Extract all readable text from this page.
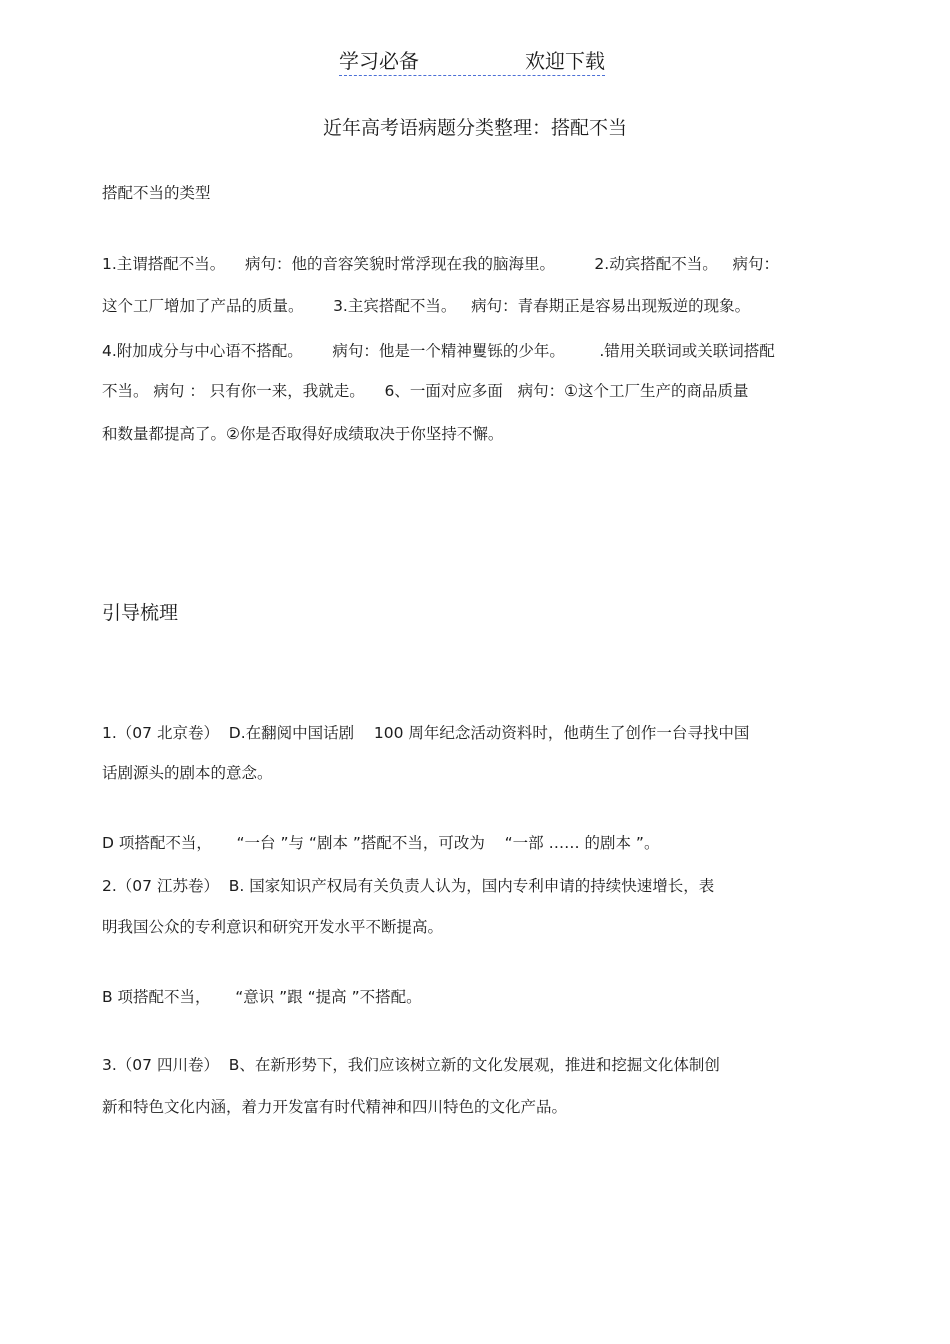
学习必备	欢迎下载
近年高考语病题分类整理：搭配不当
搭配不当的类型
1.主谓搭配不当。    病句：他的音容笑貌时常浮现在我的脑海里。        2.动宾搭配不当。   病句：
这个工厂增加了产品的质量。      3.主宾搭配不当。   病句：青春期正是容易出现叛逆的现象。
4.附加成分与中心语不搭配。      病句：他是一个精神矍铄的少年。       .错用关联词或关联词搭配
不当。 病句 ： 只有你一来，我就走。    6、一面对应多面   病句：①这个工厂生产的商品质量
和数量都提高了。②你是否取得好成绩取决于你坚持不懈。
引导梳理
1.（07 北京卷）  D.在翻阅中国话剧    100 周年纪念活动资料时，他萌生了创作一台寻找中国
话剧源头的剧本的意念。
D 项搭配不当，     “一台 ”与 “剧本 ”搭配不当，可改为    “一部 …… 的剧本 ”。
2.（07 江苏卷）  B. 国家知识产权局有关负责人认为，国内专利申请的持续快速增长，表
明我国公众的专利意识和研究开发水平不断提高。
B 项搭配不当，     “意识 ”跟 “提高 ”不搭配。
3.（07 四川卷）  B、在新形势下，我们应该树立新的文化发展观，推进和挖掘文化体制创
新和特色文化内涵，着力开发富有时代精神和四川特色的文化产品。
